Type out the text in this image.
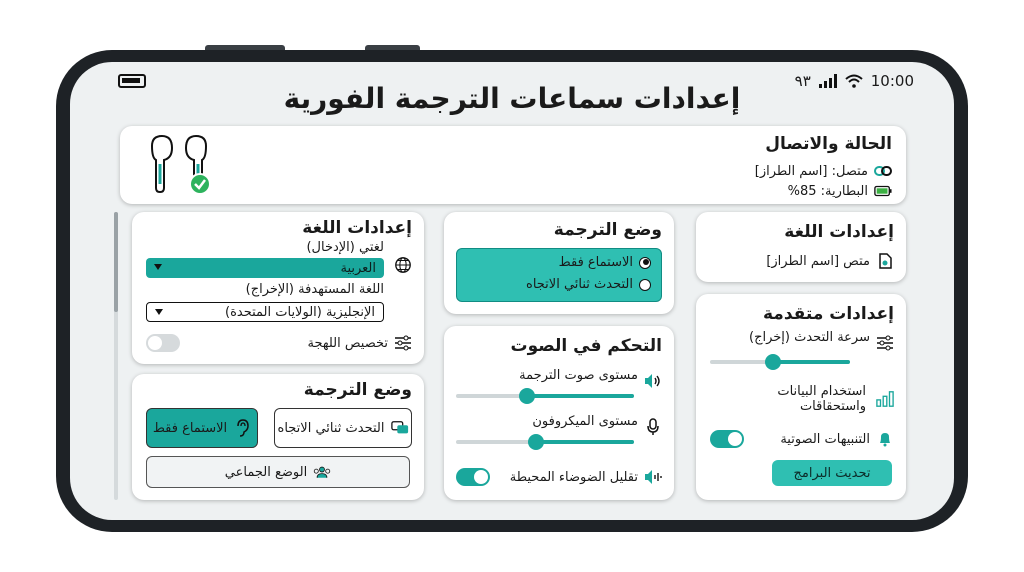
٩٣	10:00
إعدادات سماعات الترجمة الفورية
الحالة والاتصال
متصل: [اسم الطراز]
البطارية: 85%
إعدادات اللغة
متص [اسم الطراز]
إعدادات متقدمة
سرعة التحدث (إخراج)
استخدام البيانات
واستحقاقات
التنبيهات الصوتية
تحديث البرامج
وضع الترجمة
الاستماع فقط
التحدث ثنائي الاتجاه
التحكم في الصوت
مستوى صوت الترجمة
مستوى الميكروفون
تقليل الضوضاء المحيطة
إعدادات اللغة
لغتي (الإدخال)
العربية
اللغة المستهدفة (الإخراج)
الإنجليزية (الولايات المتحدة)
تخصيص اللهجة
وضع الترجمة
التحدث ثنائي الاتجاه
الاستماع فقط
الوضع الجماعي
